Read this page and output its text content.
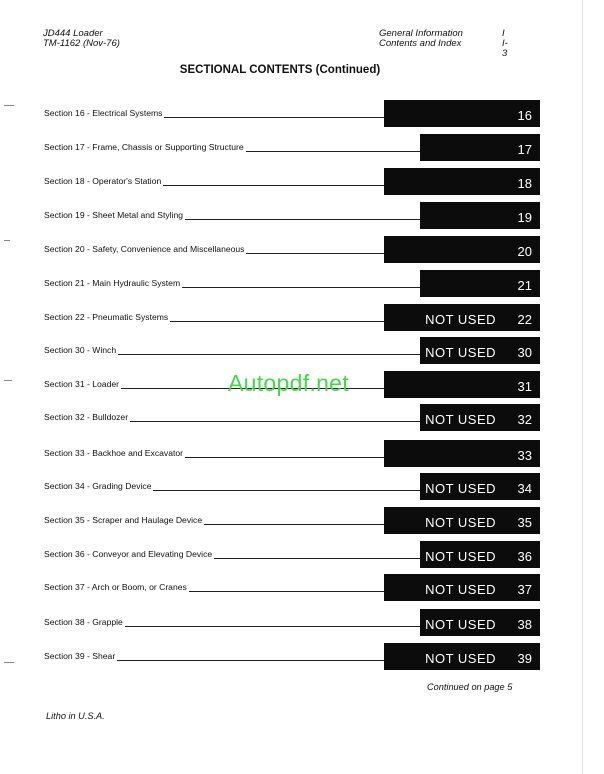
JD444 Loader
TM-1162 (Nov-76)
General Information	I
Contents and Index	I-3
SECTIONAL CONTENTS (Continued)
Section 16 - Electrical Systems	16
Section 17 - Frame, Chassis or Supporting Structure	17
Section 18 - Operator's Station	18
Section 19 - Sheet Metal and Styling	19
Section 20 - Safety, Convenience and Miscellaneous	20
Section 21 - Main Hydraulic System	21
Section 22 - Pneumatic Systems	NOT USED 22
Section 30 - Winch	NOT USED 30
Section 31 - Loader	31
Section 32 - Bulldozer	NOT USED 32
Section 33 - Backhoe and Excavator	33
Section 34 - Grading Device	NOT USED 34
Section 35 - Scraper and Haulage Device	NOT USED 35
Section 36 - Conveyor and Elevating Device	NOT USED 36
Section 37 - Arch or Boom, or Cranes	NOT USED 37
Section 38 - Grapple	NOT USED 38
Section 39 - Shear	NOT USED 39
Autopdf.net
Continued on page 5
Litho in U.S.A.
